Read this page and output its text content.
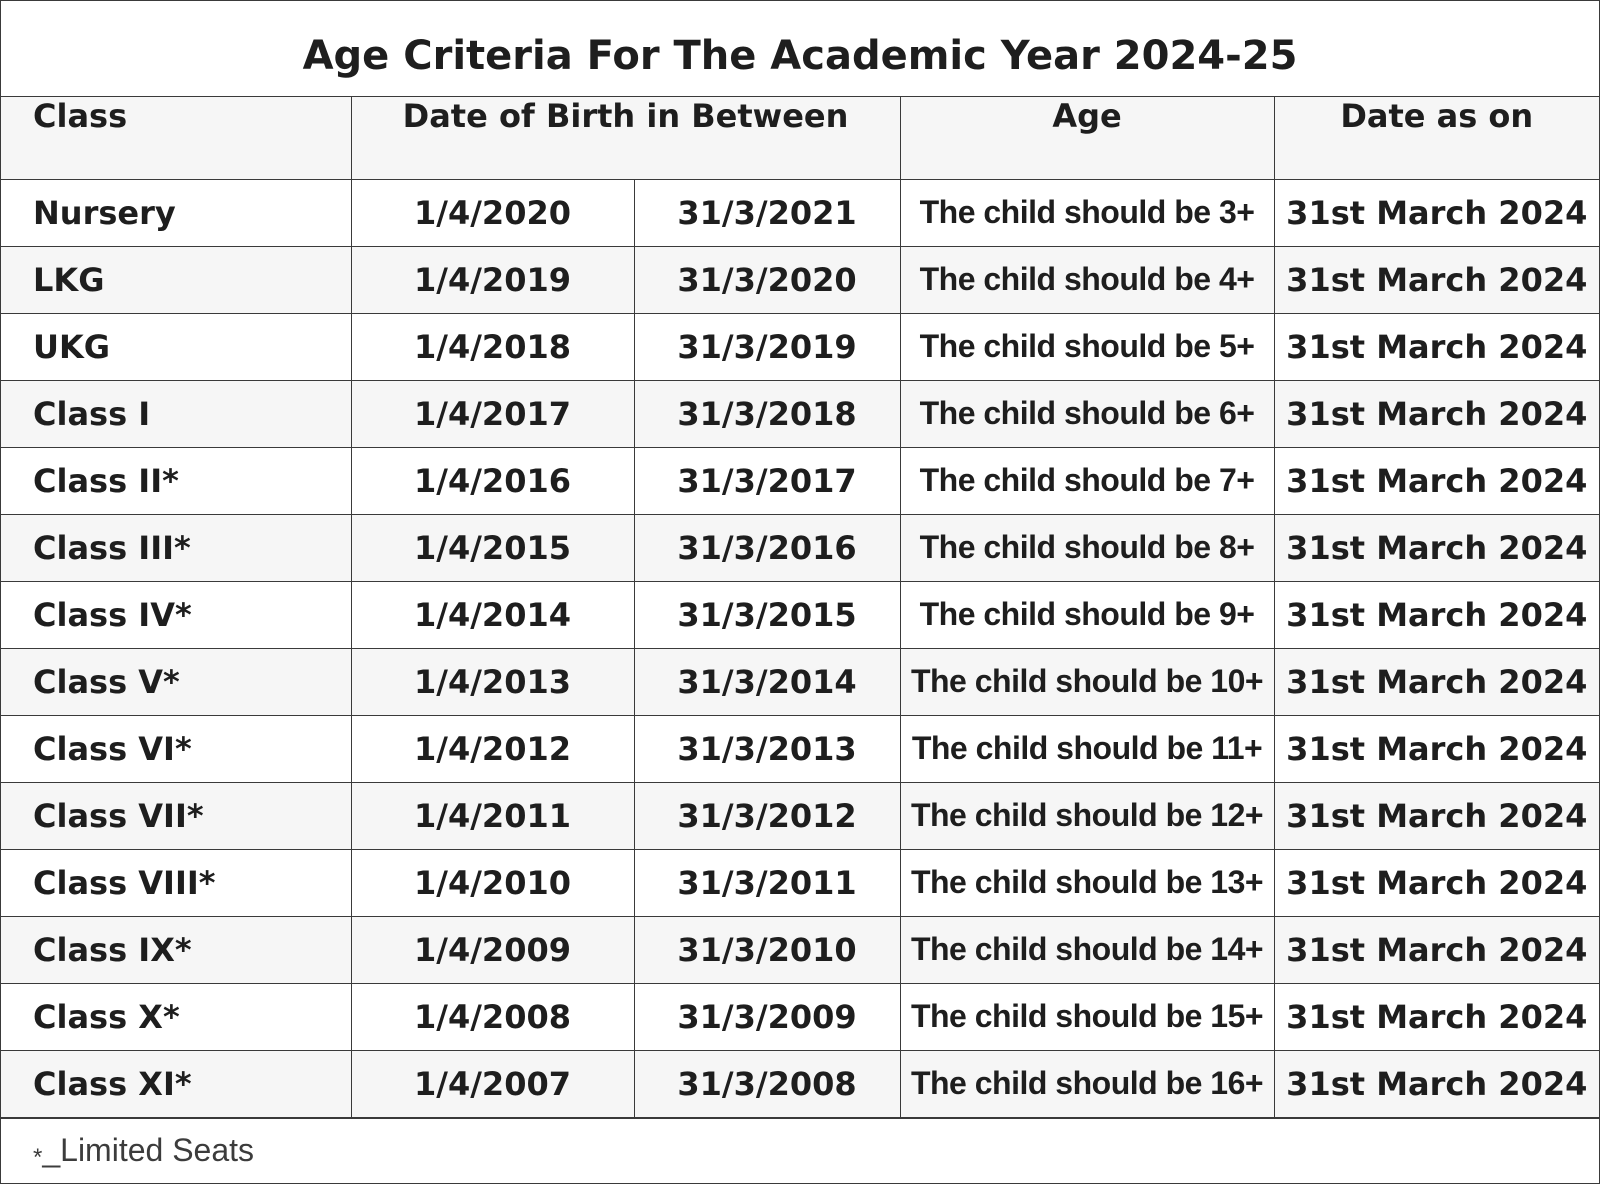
Age Criteria For The Academic Year 2024-25
Class	Date of Birth in Between		Age	Date as on
Nursery	1/4/2020	31/3/2021	The child should be 3+	31st March 2024
LKG	1/4/2019	31/3/2020	The child should be 4+	31st March 2024
UKG	1/4/2018	31/3/2019	The child should be 5+	31st March 2024
Class I	1/4/2017	31/3/2018	The child should be 6+	31st March 2024
Class II*	1/4/2016	31/3/2017	The child should be 7+	31st March 2024
Class III*	1/4/2015	31/3/2016	The child should be 8+	31st March 2024
Class IV*	1/4/2014	31/3/2015	The child should be 9+	31st March 2024
Class V*	1/4/2013	31/3/2014	The child should be 10+	31st March 2024
Class VI*	1/4/2012	31/3/2013	The child should be 11+	31st March 2024
Class VII*	1/4/2011	31/3/2012	The child should be 12+	31st March 2024
Class VIII*	1/4/2010	31/3/2011	The child should be 13+	31st March 2024
Class IX*	1/4/2009	31/3/2010	The child should be 14+	31st March 2024
Class X*	1/4/2008	31/3/2009	The child should be 15+	31st March 2024
Class XI*	1/4/2007	31/3/2008	The child should be 16+	31st March 2024
*_Limited Seats
